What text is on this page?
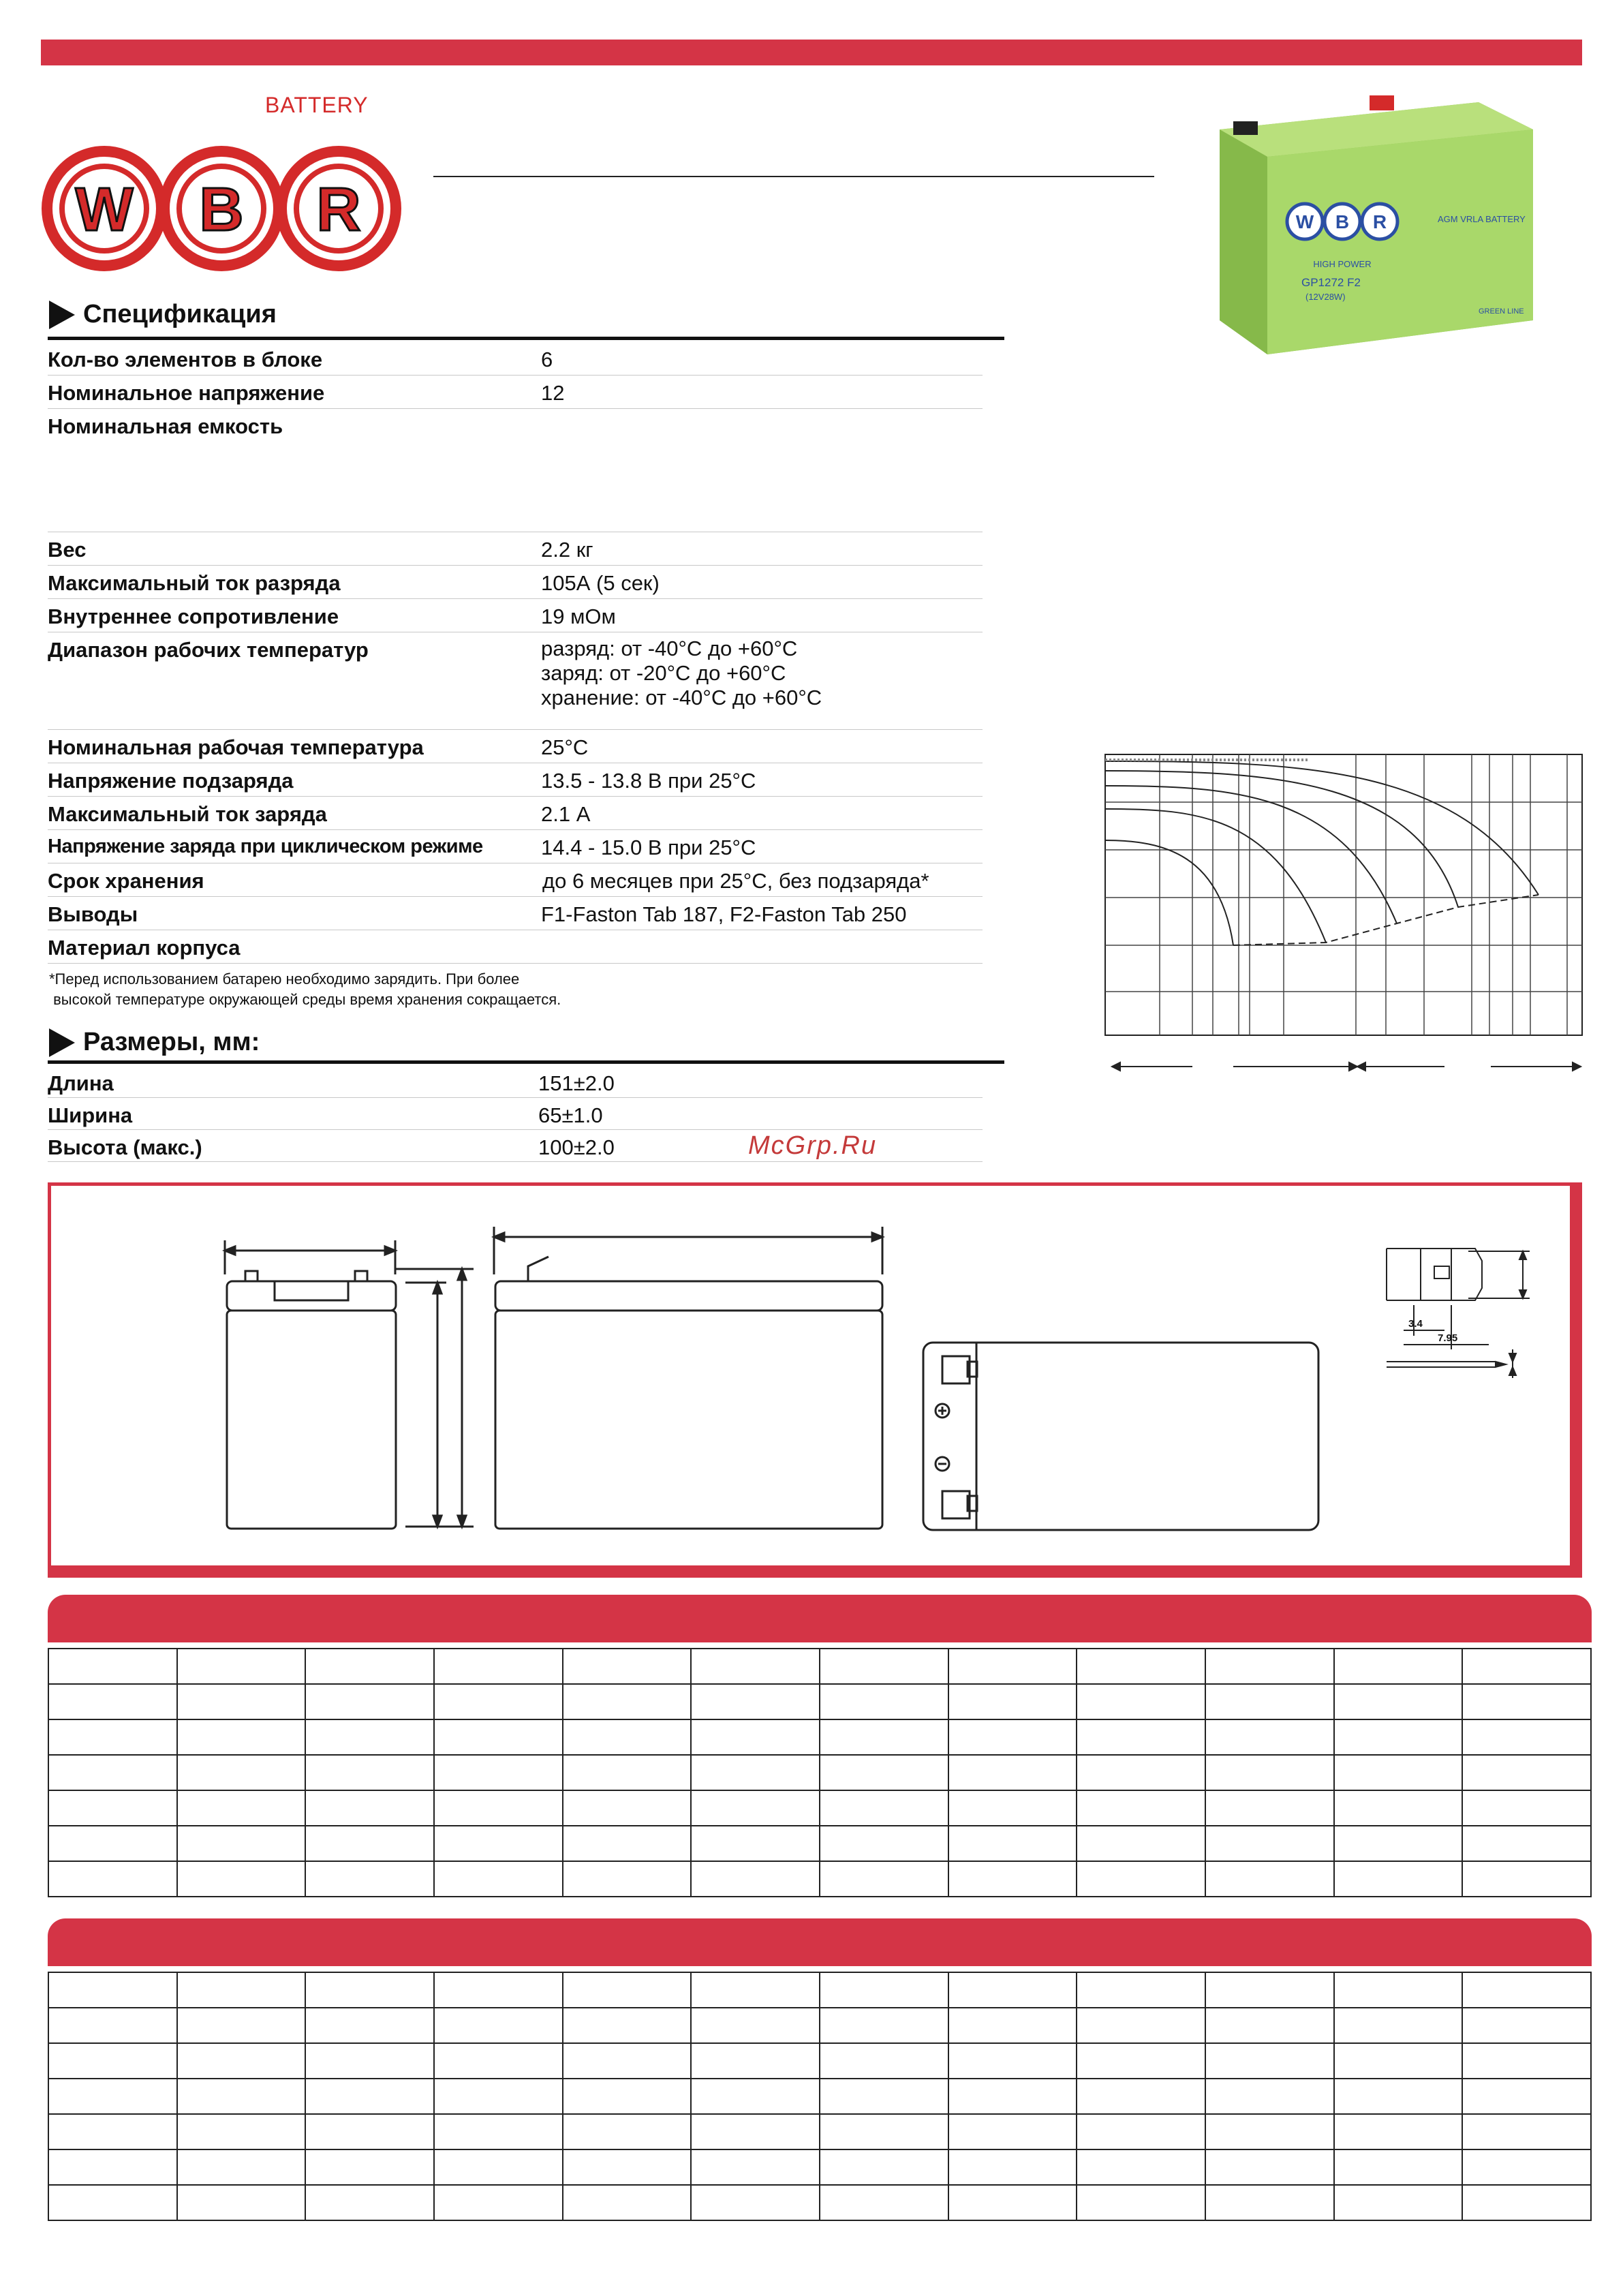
BATTERY
W B R	W B R
HIGH POWER
AGM VRLA BATTERY
GP1272 F2
(12V28W)
GREEN LINE
Спецификация
Кол-во элементов в блоке	6
Номинальное напряжение	12
Номинальная емкость
Вес	2.2 кг
Максимальный ток разряда	105А (5 сек)
Внутреннее сопротивление	19 мОм
Диапазон рабочих температур	разряд: от -40°С до +60°С
заряд: от -20°С до +60°С
хранение: от -40°С до +60°С
Номинальная рабочая температура	25°С
Напряжение подзаряда	13.5 - 13.8 В при 25°С
Максимальный ток заряда	2.1 А
Напряжение заряда при циклическом режиме	14.4 - 15.0 В при 25°С
Срок хранения	до 6 месяцев при 25°С, без подзаряда*
Выводы	F1-Faston Tab 187, F2-Faston Tab 250
Материал корпуса
*Перед использованием батарею необходимо зарядить. При более
высокой температуре окружающей среды время хранения сокращается.
Размеры, мм:
Длина	151±2.0
Ширина	65±1.0
Высота (макс.)	100±2.0	McGrp.Ru
3.4
7.95
